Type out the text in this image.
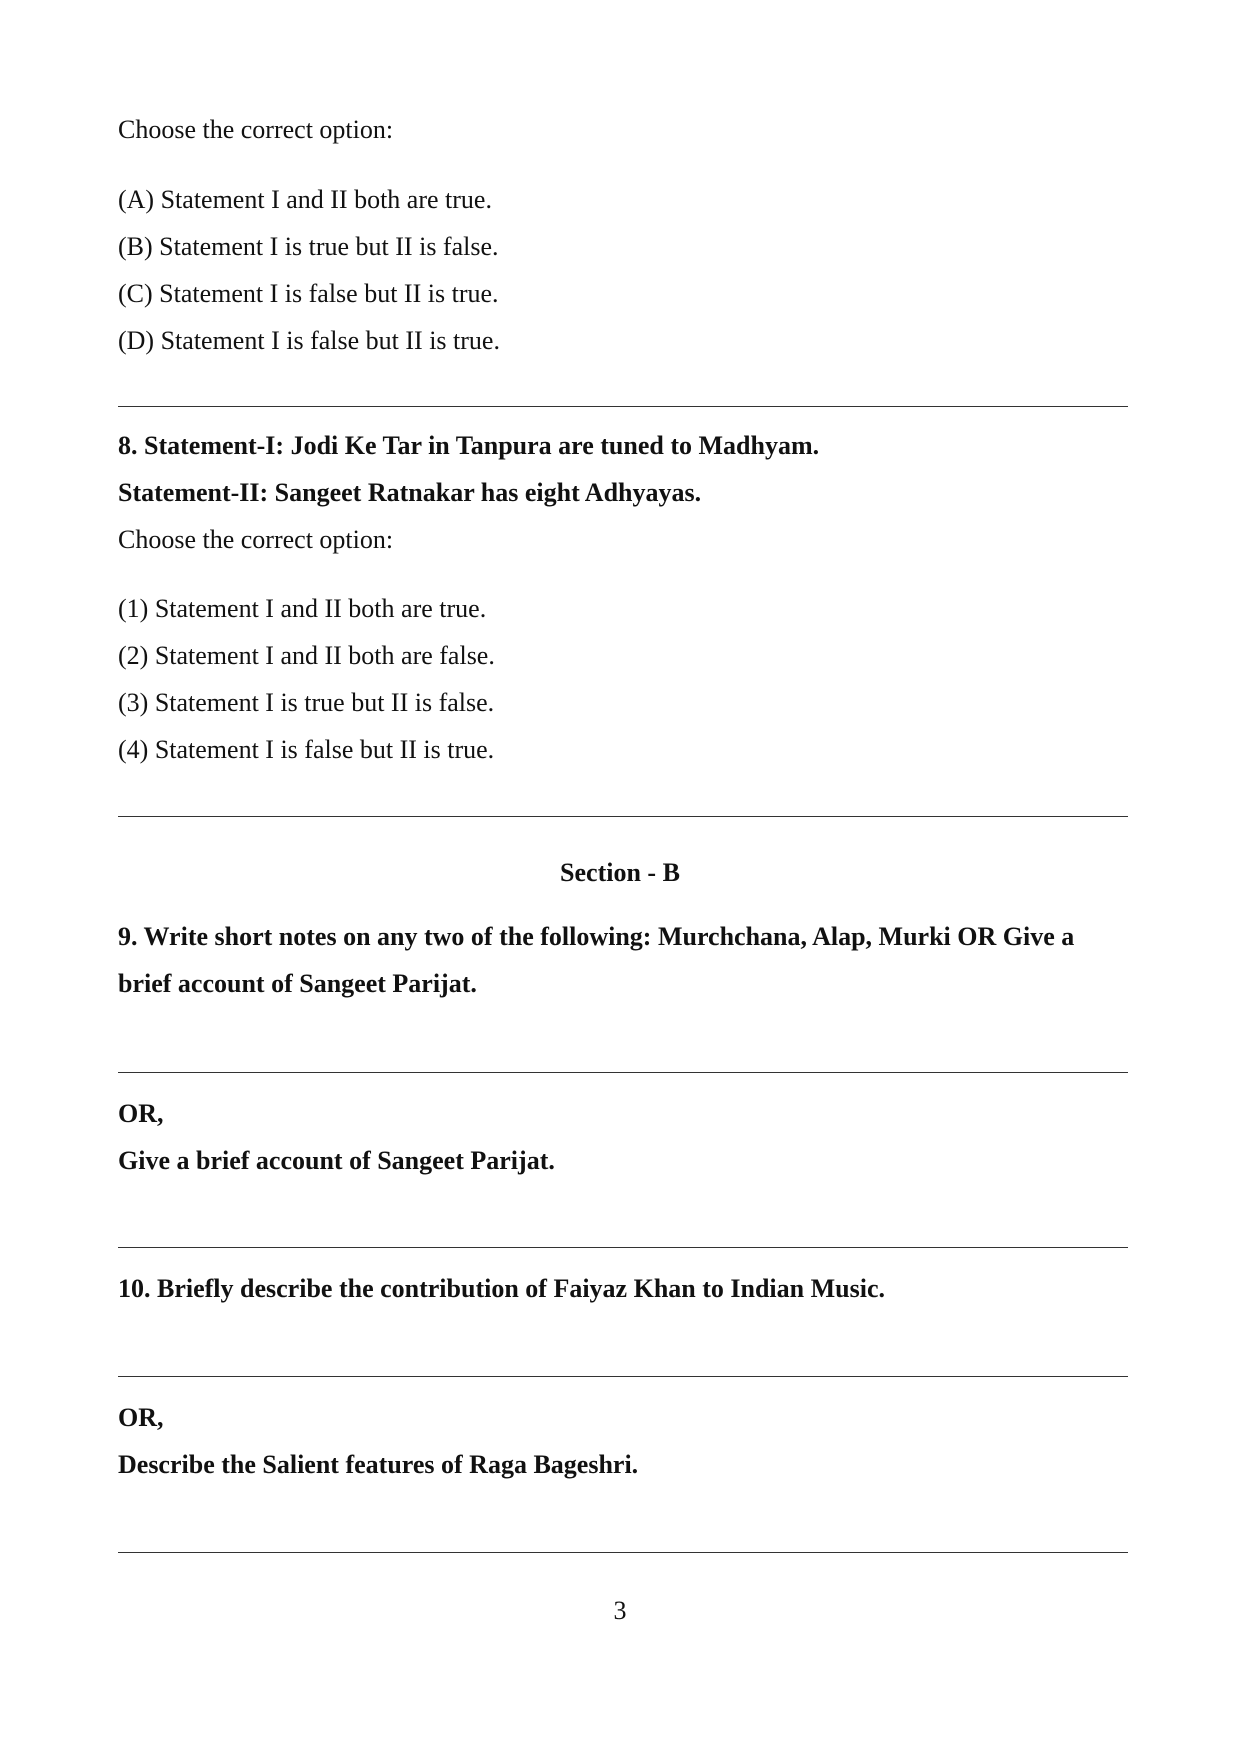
Choose the correct option:
(A) Statement I and II both are true.
(B) Statement I is true but II is false.
(C) Statement I is false but II is true.
(D) Statement I is false but II is true.
8. Statement-I: Jodi Ke Tar in Tanpura are tuned to Madhyam.
Statement-II: Sangeet Ratnakar has eight Adhyayas.
Choose the correct option:
(1) Statement I and II both are true.
(2) Statement I and II both are false.
(3) Statement I is true but II is false.
(4) Statement I is false but II is true.
Section - B
9. Write short notes on any two of the following: Murchchana, Alap, Murki OR Give a
brief account of Sangeet Parijat.
OR,
Give a brief account of Sangeet Parijat.
10. Briefly describe the contribution of Faiyaz Khan to Indian Music.
OR,
Describe the Salient features of Raga Bageshri.
3
